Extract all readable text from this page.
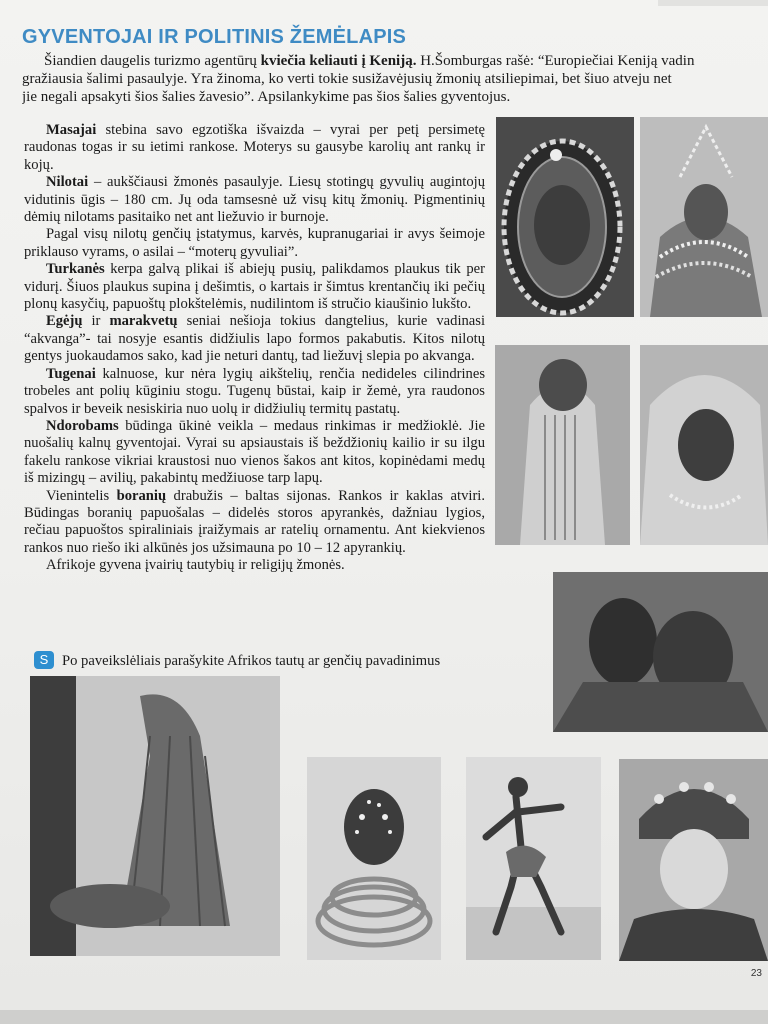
GYVENTOJAI IR POLITINIS ŽEMĖLAPIS
Šiandien daugelis turizmo agentūrų kviečia keliauti į Keniją. H.Šomburgas rašė: “Europiečiai Keniją vadin
gražiausia šalimi pasaulyje. Yra žinoma, ko verti tokie susižavėjusių žmonių atsiliepimai, bet šiuo atveju net
jie negali apsakyti šios šalies žavesio”. Apsilankykime pas šios šalies gyventojus.

Masajai stebina savo egzotiška išvaizda – vyrai per petį persimetę raudonas togas ir su ietimi rankose. Moterys su gausybe karolių ant rankų ir kojų.

Nilotai – aukščiausi žmonės pasaulyje. Liesų stotingų gyvulių augintojų vidutinis ūgis – 180 cm. Jų oda tamsesnė už visų kitų žmonių. Pigmentinių dėmių nilotams pasitaiko net ant liežuvio ir burnoje.

Pagal visų nilotų genčių įstatymus, karvės, kupranugariai ir avys šeimoje priklauso vyrams, o asilai – “moterų gyvuliai”.

Turkanės kerpa galvą plikai iš abiejų pusių, palikdamos plaukus tik per vidurį. Šiuos plaukus supina į dešimtis, o kartais ir šimtus krentančių iki pečių plonų kasyčių, papuoštų plokštelėmis, nudilintom iš stručio kiaušinio lukšto.

Egėjų ir marakvetų seniai nešioja tokius dangtelius, kurie vadinasi “akvanga”- tai nosyje esantis didžiulis lapo formos pakabutis. Kitos nilotų gentys juokaudamos sako, kad jie neturi dantų, tad liežuvį slepia po akvanga.

Tugenai kalnuose, kur nėra lygių aikštelių, renčia nedideles cilindrines trobeles ant polių kūginiu stogu. Tugenų būstai, kaip ir žemė, yra raudonos spalvos ir beveik nesiskiria nuo uolų ir didžiulių termitų pastatų.

Ndorobams būdinga ūkinė veikla – medaus rinkimas ir medžioklė. Jie nuošalių kalnų gyventojai. Vyrai su apsiaustais iš beždžionių kailio ir su ilgu fakelu rankose vikriai kraustosi nuo vienos šakos ant kitos, kopinėdami medų iš mizingų – avilių, pakabintų medžiuose tarp lapų.

Vienintelis boranių drabužis – baltas sijonas. Rankos ir kaklas atviri. Būdingas boranių papuošalas – didelės storos apyrankės, dažniau lygios, rečiau papuoštos spiraliniais įraižymais ar ratelių ornamentu. Ant kiekvienos rankos nuo riešo iki alkūnės jos užsimauna po 10 – 12 apyrankių.

Afrikoje gyvena įvairių tautybių ir religijų žmonės.

S Po paveikslėliais parašykite Afrikos tautų ar genčių pavadinimus
23
